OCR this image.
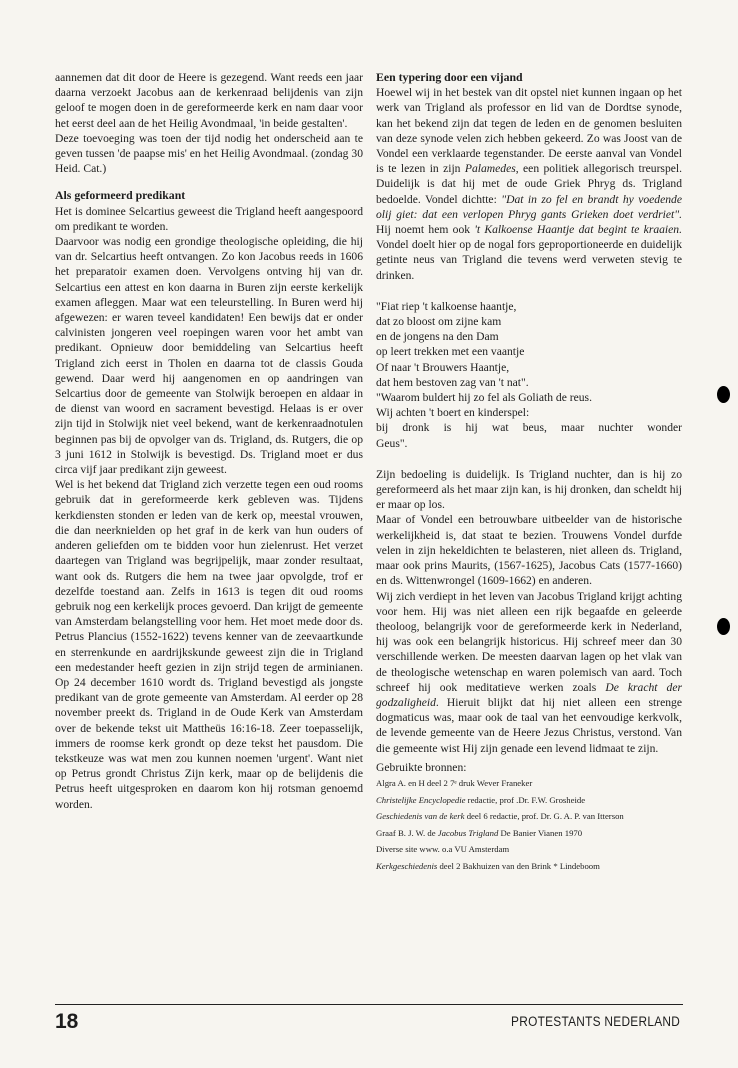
aannemen dat dit door de Heere is gezegend. Want reeds een jaar daarna verzoekt Jacobus aan de kerkenraad belijdenis van zijn geloof te mogen doen in de gereformeerde kerk en nam daar voor het eerst deel aan de het Heilig Avondmaal, 'in beide gestalten'.

Deze toevoeging was toen der tijd nodig het onderscheid aan te geven tussen 'de paapse mis' en het Heilig Avondmaal. (zondag 30 Heid. Cat.)

Als geformeerd predikant

Het is dominee Selcartius geweest die Trigland heeft aangespoord om predikant te worden.

Daarvoor was nodig een grondige theologische opleiding, die hij van dr. Selcartius heeft ontvangen. Zo kon Jacobus reeds in 1606 het preparatoir examen doen. Vervolgens ontving hij van dr. Selcartius een attest en kon daarna in Buren zijn eerste kerkelijk examen afleggen. Maar wat een teleurstelling. In Buren werd hij afgewezen: er waren teveel kandidaten! Een bewijs dat er onder calvinisten jongeren veel roepingen waren voor het ambt van predikant. Opnieuw door bemiddeling van Selcartius heeft Trigland zich eerst in Tholen en daarna tot de classis Gouda gewend. Daar werd hij aangenomen en op aandringen van Selcartius door de gemeente van Stolwijk beroepen en aldaar in de dienst van woord en sacrament bevestigd. Helaas is er over zijn tijd in Stolwijk niet veel bekend, want de kerkenraadnotulen beginnen pas bij de opvolger van ds. Trigland, ds. Rutgers, die op 3 juni 1612 in Stolwijk is bevestigd. Ds. Trigland moet er dus circa vijf jaar predikant zijn geweest.

Wel is het bekend dat Trigland zich verzette tegen een oud rooms gebruik dat in gereformeerde kerk gebleven was. Tijdens kerkdiensten stonden er leden van de kerk op, meestal vrouwen, die dan neerknielden op het graf in de kerk van hun ouders of anderen geliefden om te bidden voor hun zielenrust. Het verzet daartegen van Trigland was begrijpelijk, maar zonder resultaat, want ook ds. Rutgers die hem na twee jaar opvolgde, trof er dezelfde toestand aan. Zelfs in 1613 is tegen dit oud rooms gebruik nog een kerkelijk proces gevoerd. Dan krijgt de gemeente van Amsterdam belangstelling voor hem. Het moet mede door ds. Petrus Plancius (1552-1622) tevens kenner van de zeevaartkunde en sterrenkunde en aardrijkskunde geweest zijn die in Trigland een medestander heeft gezien in zijn strijd tegen de arminianen. Op 24 december 1610 wordt ds. Trigland bevestigd als jongste predikant van de grote gemeente van Amsterdam. Al eerder op 28 november preekt ds. Trigland in de Oude Kerk van Amsterdam over de bekende tekst uit Mattheüs 16:16-18. Zeer toepasselijk, immers de roomse kerk grondt op deze tekst het pausdom. Die tekstkeuze was wat men zou kunnen noemen 'urgent'. Want niet op Petrus grondt Christus Zijn kerk, maar op de belijdenis die Petrus heeft uitgesproken en daarom kon hij rotsman genoemd worden.

Een typering door een vijand

Hoewel wij in het bestek van dit opstel niet kunnen ingaan op het werk van Trigland als professor en lid van de Dordtse synode, kan het bekend zijn dat tegen de leden en de genomen besluiten van deze synode velen zich hebben gekeerd. Zo was Joost van de Vondel een verklaarde tegenstander. De eerste aanval van Vondel is te lezen in zijn Palamedes, een politiek allegorisch treurspel. Duidelijk is dat hij met de oude Griek Phryg ds. Trigland bedoelde. Vondel dichtte: "Dat in zo fel en brandt hy voedende olij giet: dat een verlopen Phryg gants Grieken doet verdriet". Hij noemt hem ook 't Kalkoense Haantje dat begint te kraaien. Vondel doelt hier op de nogal fors geproportioneerde en duidelijk getinte neus van Trigland die tevens werd verweten stevig te drinken.

"Fiat riep 't kalkoense haantje,

dat zo bloost om zijne kam

en de jongens na den Dam

op leert trekken met een vaantje

Of naar 't Brouwers Haantje,

dat hem bestoven zag van 't nat".

"Waarom buldert hij zo fel als Goliath de reus.

Wij achten 't boert en kinderspel:

bij dronk is hij wat beus, maar nuchter wonder

Geus".

Zijn bedoeling is duidelijk. Is Trigland nuchter, dan is hij zo gereformeerd als het maar zijn kan, is hij dronken, dan scheldt hij er maar op los.

Maar of Vondel een betrouwbare uitbeelder van de historische werkelijkheid is, dat staat te bezien. Trouwens Vondel durfde velen in zijn hekeldichten te belasteren, niet alleen ds. Trigland, maar ook prins Maurits, (1567-1625), Jacobus Cats (1577-1660) en ds. Wittenwrongel (1609-1662) en anderen.

Wij zich verdiept in het leven van Jacobus Trigland krijgt achting voor hem. Hij was niet alleen een rijk begaafde en geleerde theoloog, belangrijk voor de gereformeerde kerk in Nederland, hij was ook een belangrijk historicus. Hij schreef meer dan 30 verschillende werken. De meesten daarvan lagen op het vlak van de theologische wetenschap en waren polemisch van aard. Toch schreef hij ook meditatieve werken zoals De kracht der godzaligheid. Hieruit blijkt dat hij niet alleen een strenge dogmaticus was, maar ook de taal van het eenvoudige kerkvolk, de levende gemeente van de Heere Jezus Christus, verstond. Van die gemeente wist Hij zijn genade een levend lidmaat te zijn.

Gebruikte bronnen:

Algra A. en H deel 2 7ᵉ druk Wever Franeker

Christelijke Encyclopedie redactie, prof .Dr. F.W. Grosheide

Geschiedenis van de kerk deel 6 redactie, prof. Dr. G. A. P. van Itterson

Graaf B. J. W. de Jacobus Trigland De Banier Vianen 1970

Diverse site www. o.a VU Amsterdam

Kerkgeschiedenis deel 2 Bakhuizen van den Brink * Lindeboom

18	PROTESTANTS NEDERLAND
